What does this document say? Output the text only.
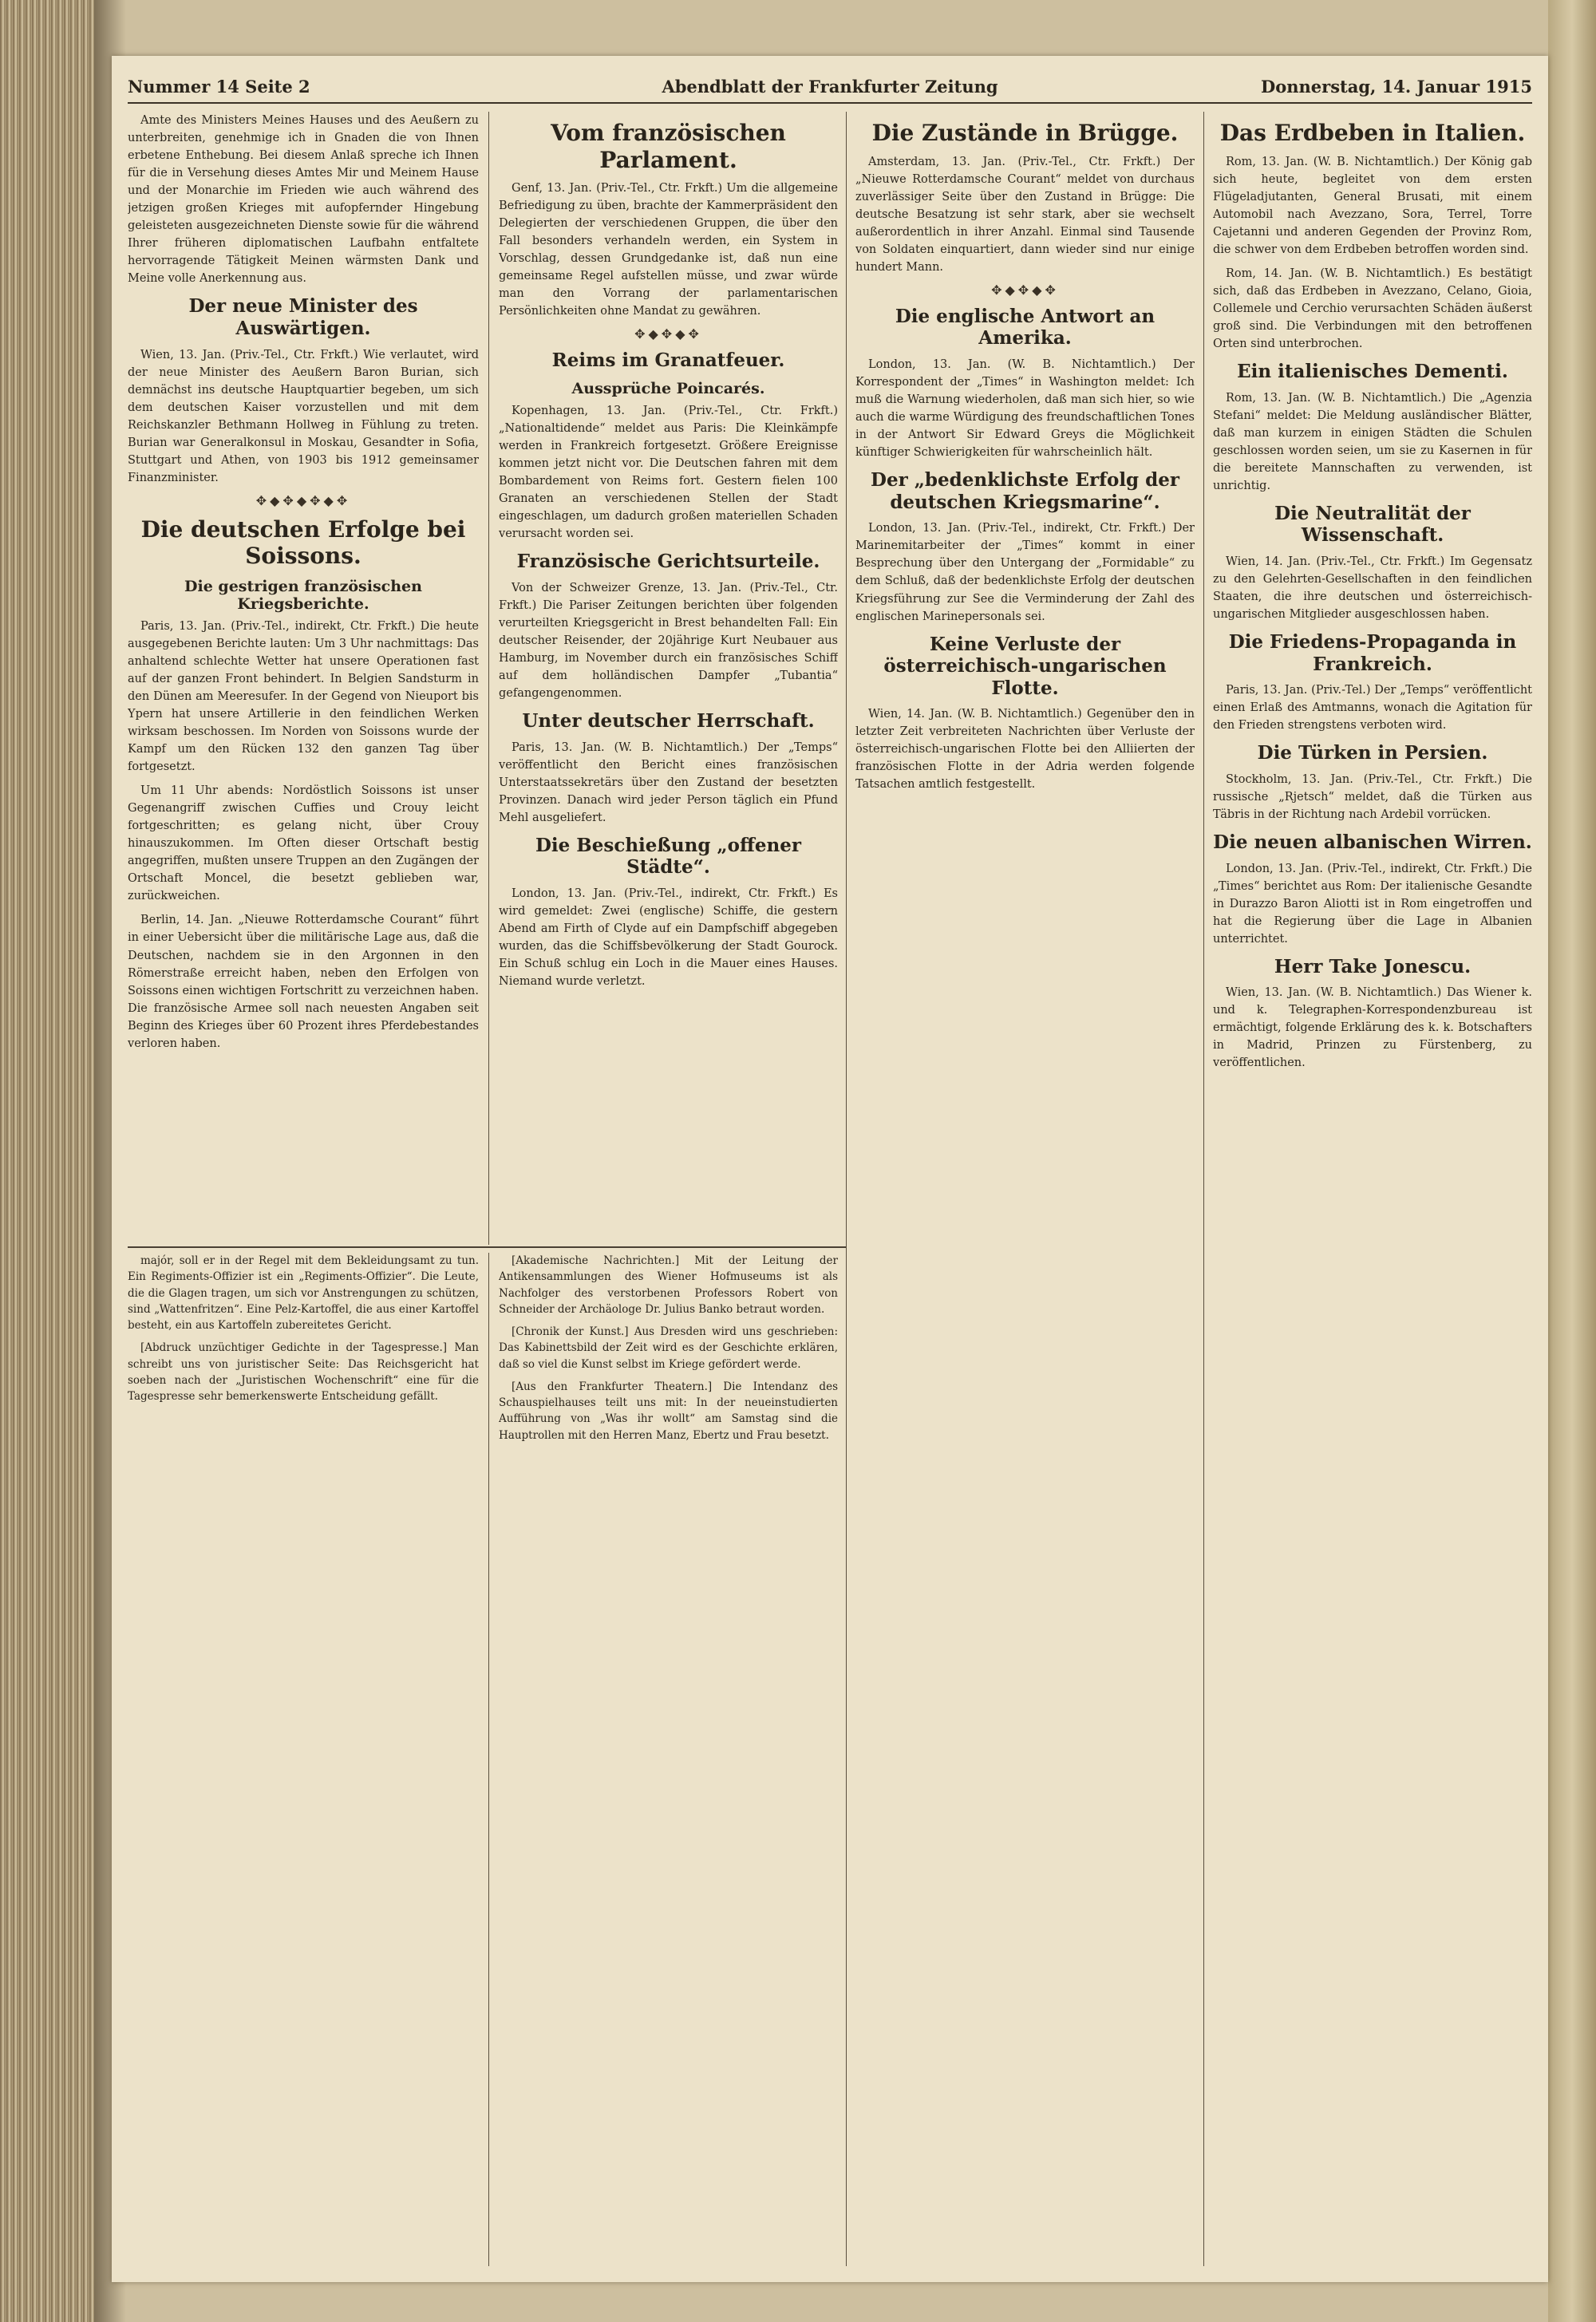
Nummer 14 Seite 2	Abendblatt der Frankfurter Zeitung	Donnerstag, 14. Januar 1915

Amte des Ministers Meines Hauses und des Aeußern zu unterbreiten, genehmige ich in Gnaden die von Ihnen erbetene Enthebung. Bei diesem Anlaß spreche ich Ihnen für die in Versehung dieses Amtes Mir und Meinem Hause und der Monarchie im Frieden wie auch während des jetzigen großen Krieges mit aufopfernder Hingebung geleisteten ausgezeichneten Dienste sowie für die während Ihrer früheren diplomatischen Laufbahn entfaltete hervorragende Tätigkeit Meinen wärmsten Dank und Meine volle Anerkennung aus.

Der neue Minister des Auswärtigen.

Wien, 13. Jan. (Priv.-Tel., Ctr. Frkft.) Wie verlautet, wird der neue Minister des Aeußern Baron Burian, sich demnächst ins deutsche Hauptquartier begeben, um sich dem deutschen Kaiser vorzustellen und mit dem Reichskanzler Bethmann Hollweg in Fühlung zu treten. Burian war Generalkonsul in Moskau, Gesandter in Sofia, Stuttgart und Athen, von 1903 bis 1912 gemeinsamer Finanzminister.

✥◆✥◆✥◆✥
Die deutschen Erfolge bei Soissons.
Die gestrigen französischen Kriegsberichte.

Paris, 13. Jan. (Priv.-Tel., indirekt, Ctr. Frkft.) Die heute ausgegebenen Berichte lauten: Um 3 Uhr nachmittags: Das anhaltend schlechte Wetter hat unsere Operationen fast auf der ganzen Front behindert. In Belgien Sandsturm in den Dünen am Meeresufer. In der Gegend von Nieuport bis Ypern hat unsere Artillerie in den feindlichen Werken wirksam beschossen. Im Norden von Soissons wurde der Kampf um den Rücken 132 den ganzen Tag über fortgesetzt.

Um 11 Uhr abends: Nordöstlich Soissons ist unser Gegenangriff zwischen Cuffies und Crouy leicht fortgeschritten; es gelang nicht, über Crouy hinauszukommen. Im Often dieser Ortschaft bestig angegriffen, mußten unsere Truppen an den Zugängen der Ortschaft Moncel, die besetzt geblieben war, zurückweichen.

Berlin, 14. Jan. „Nieuwe Rotterdamsche Courant“ führt in einer Uebersicht über die militärische Lage aus, daß die Deutschen, nachdem sie in den Argonnen in den Römerstraße erreicht haben, neben den Erfolgen von Soissons einen wichtigen Fortschritt zu verzeichnen haben. Die französische Armee soll nach neuesten Angaben seit Beginn des Krieges über 60 Prozent ihres Pferdebestandes verloren haben.

Vom französischen Parlament.

Genf, 13. Jan. (Priv.-Tel., Ctr. Frkft.) Um die allgemeine Befriedigung zu üben, brachte der Kammerpräsident den Delegierten der verschiedenen Gruppen, die über den Fall besonders verhandeln werden, ein System in Vorschlag, dessen Grundgedanke ist, daß nun eine gemeinsame Regel aufstellen müsse, und zwar würde man den Vorrang der parlamentarischen Persönlichkeiten ohne Mandat zu gewähren.

✥◆✥◆✥
Reims im Granatfeuer.
Aussprüche Poincarés.

Kopenhagen, 13. Jan. (Priv.-Tel., Ctr. Frkft.) „Nationaltidende“ meldet aus Paris: Die Kleinkämpfe werden in Frankreich fortgesetzt. Größere Ereignisse kommen jetzt nicht vor. Die Deutschen fahren mit dem Bombardement von Reims fort. Gestern fielen 100 Granaten an verschiedenen Stellen der Stadt eingeschlagen, um dadurch großen materiellen Schaden verursacht worden sei.

Französische Gerichtsurteile.

Von der Schweizer Grenze, 13. Jan. (Priv.-Tel., Ctr. Frkft.) Die Pariser Zeitungen berichten über folgenden verurteilten Kriegsgericht in Brest behandelten Fall: Ein deutscher Reisender, der 20jährige Kurt Neubauer aus Hamburg, im November durch ein französisches Schiff auf dem holländischen Dampfer „Tubantia“ gefangengenommen.

Unter deutscher Herrschaft.

Paris, 13. Jan. (W. B. Nichtamtlich.) Der „Temps“ veröffentlicht den Bericht eines französischen Unterstaatssekretärs über den Zustand der besetzten Provinzen. Danach wird jeder Person täglich ein Pfund Mehl ausgeliefert.

Die Beschießung „offener Städte“.

London, 13. Jan. (Priv.-Tel., indirekt, Ctr. Frkft.) Es wird gemeldet: Zwei (englische) Schiffe, die gestern Abend am Firth of Clyde auf ein Dampfschiff abgegeben wurden, das die Schiffsbevölkerung der Stadt Gourock. Ein Schuß schlug ein Loch in die Mauer eines Hauses. Niemand wurde verletzt.

Die Zustände in Brügge.

Amsterdam, 13. Jan. (Priv.-Tel., Ctr. Frkft.) Der „Nieuwe Rotterdamsche Courant“ meldet von durchaus zuverlässiger Seite über den Zustand in Brügge: Die deutsche Besatzung ist sehr stark, aber sie wechselt außerordentlich in ihrer Anzahl. Einmal sind Tausende von Soldaten einquartiert, dann wieder sind nur einige hundert Mann.

✥◆✥◆✥
Die englische Antwort an Amerika.

London, 13. Jan. (W. B. Nichtamtlich.) Der Korrespondent der „Times“ in Washington meldet: Ich muß die Warnung wiederholen, daß man sich hier, so wie auch die warme Würdigung des freundschaftlichen Tones in der Antwort Sir Edward Greys die Möglichkeit künftiger Schwierigkeiten für wahrscheinlich hält.

Der „bedenklichste Erfolg der deutschen Kriegsmarine“.

London, 13. Jan. (Priv.-Tel., indirekt, Ctr. Frkft.) Der Marinemitarbeiter der „Times“ kommt in einer Besprechung über den Untergang der „Formidable“ zu dem Schluß, daß der bedenklichste Erfolg der deutschen Kriegsführung zur See die Verminderung der Zahl des englischen Marinepersonals sei.

Keine Verluste der österreichisch-ungarischen Flotte.

Wien, 14. Jan. (W. B. Nichtamtlich.) Gegenüber den in letzter Zeit verbreiteten Nachrichten über Verluste der österreichisch-ungarischen Flotte bei den Alliierten der französischen Flotte in der Adria werden folgende Tatsachen amtlich festgestellt.

Das Erdbeben in Italien.

Rom, 13. Jan. (W. B. Nichtamtlich.) Der König gab sich heute, begleitet von dem ersten Flügeladjutanten, General Brusati, mit einem Automobil nach Avezzano, Sora, Terrel, Torre Cajetanni und anderen Gegenden der Provinz Rom, die schwer von dem Erdbeben betroffen worden sind.

Rom, 14. Jan. (W. B. Nichtamtlich.) Es bestätigt sich, daß das Erdbeben in Avezzano, Celano, Gioia, Collemele und Cerchio verursachten Schäden äußerst groß sind. Die Verbindungen mit den betroffenen Orten sind unterbrochen.

Ein italienisches Dementi.

Rom, 13. Jan. (W. B. Nichtamtlich.) Die „Agenzia Stefani“ meldet: Die Meldung ausländischer Blätter, daß man kurzem in einigen Städten die Schulen geschlossen worden seien, um sie zu Kasernen in für die bereitete Mannschaften zu verwenden, ist unrichtig.

Die Neutralität der Wissenschaft.

Wien, 14. Jan. (Priv.-Tel., Ctr. Frkft.) Im Gegensatz zu den Gelehrten-Gesellschaften in den feindlichen Staaten, die ihre deutschen und österreichisch-ungarischen Mitglieder ausgeschlossen haben.

Die Friedens-Propaganda in Frankreich.

Paris, 13. Jan. (Priv.-Tel.) Der „Temps“ veröffentlicht einen Erlaß des Amtmanns, wonach die Agitation für den Frieden strengstens verboten wird.

Die Türken in Persien.

Stockholm, 13. Jan. (Priv.-Tel., Ctr. Frkft.) Die russische „Rjetsch“ meldet, daß die Türken aus Täbris in der Richtung nach Ardebil vorrücken.

Die neuen albanischen Wirren.

London, 13. Jan. (Priv.-Tel., indirekt, Ctr. Frkft.) Die „Times“ berichtet aus Rom: Der italienische Gesandte in Durazzo Baron Aliotti ist in Rom eingetroffen und hat die Regierung über die Lage in Albanien unterrichtet.

Herr Take Jonescu.

Wien, 13. Jan. (W. B. Nichtamtlich.) Das Wiener k. und k. Telegraphen-Korrespondenzbureau ist ermächtigt, folgende Erklärung des k. k. Botschafters in Madrid, Prinzen zu Fürstenberg, zu veröffentlichen.

majór, soll er in der Regel mit dem Bekleidungsamt zu tun. Ein Regiments-Offizier ist ein „Regiments-Offizier“. Die Leute, die die Glagen tragen, um sich vor Anstrengungen zu schützen, sind „Wattenfritzen“. Eine Pelz-Kartoffel, die aus einer Kartoffel besteht, ein aus Kartoffeln zubereitetes Gericht.

[Abdruck unzüchtiger Gedichte in der Tagespresse.] Man schreibt uns von juristischer Seite: Das Reichsgericht hat soeben nach der „Juristischen Wochenschrift“ eine für die Tagespresse sehr bemerkenswerte Entscheidung gefällt.

[Akademische Nachrichten.] Mit der Leitung der Antikensammlungen des Wiener Hofmuseums ist als Nachfolger des verstorbenen Professors Robert von Schneider der Archäologe Dr. Julius Banko betraut worden.

[Chronik der Kunst.] Aus Dresden wird uns geschrieben: Das Kabinettsbild der Zeit wird es der Geschichte erklären, daß so viel die Kunst selbst im Kriege gefördert werde.

[Aus den Frankfurter Theatern.] Die Intendanz des Schauspielhauses teilt uns mit: In der neueinstudierten Aufführung von „Was ihr wollt“ am Samstag sind die Hauptrollen mit den Herren Manz, Ebertz und Frau besetzt.
